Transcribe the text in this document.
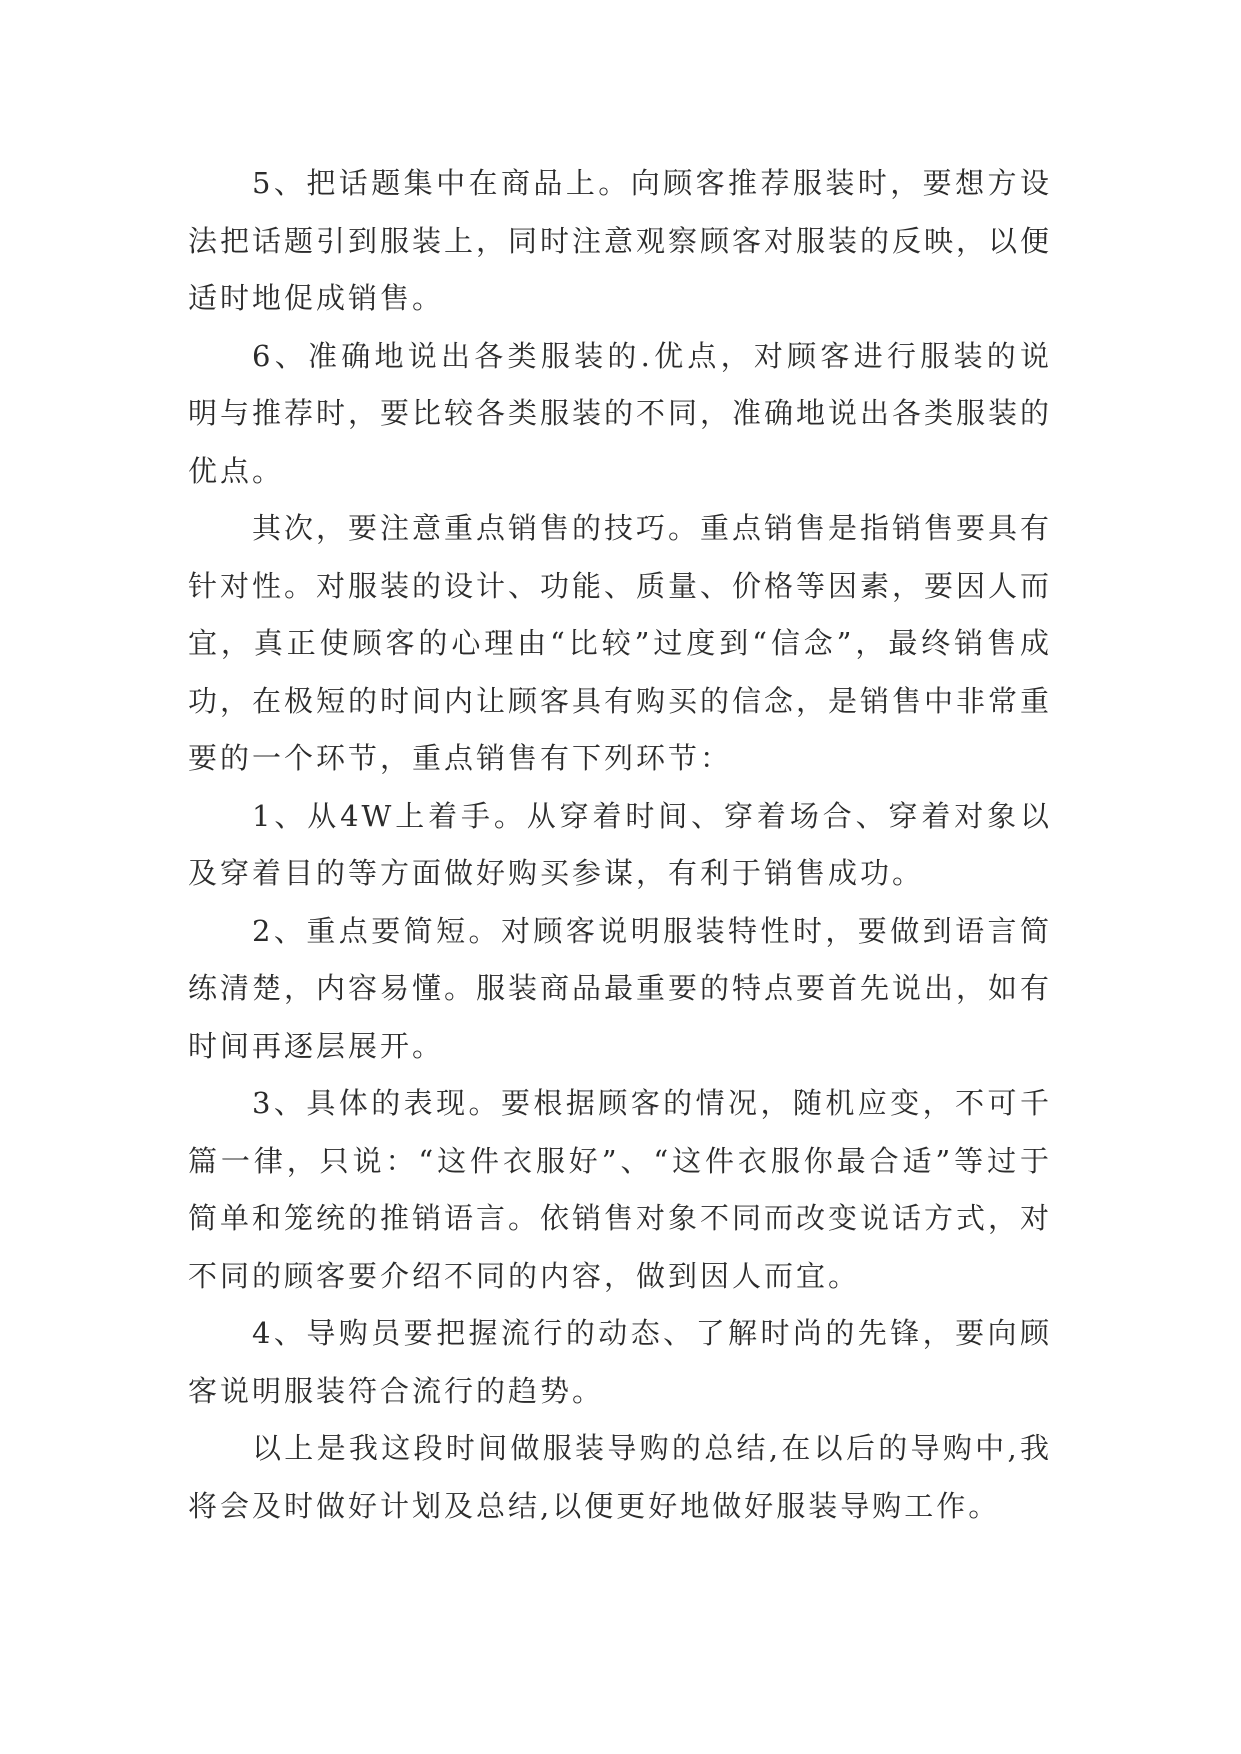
5、把话题集中在商品上。向顾客推荐服装时，要想方设法把话题引到服装上，同时注意观察顾客对服装的反映，以便适时地促成销售。

6、准确地说出各类服装的.优点，对顾客进行服装的说明与推荐时，要比较各类服装的不同，准确地说出各类服装的优点。

其次，要注意重点销售的技巧。重点销售是指销售要具有针对性。对服装的设计、功能、质量、价格等因素，要因人而宜，真正使顾客的心理由“比较”过度到“信念”，最终销售成功，在极短的时间内让顾客具有购买的信念，是销售中非常重要的一个环节，重点销售有下列环节：

1、从4W上着手。从穿着时间、穿着场合、穿着对象以及穿着目的等方面做好购买参谋，有利于销售成功。

2、重点要简短。对顾客说明服装特性时，要做到语言简练清楚，内容易懂。服装商品最重要的特点要首先说出，如有时间再逐层展开。

3、具体的表现。要根据顾客的情况，随机应变，不可千篇一律，只说：“这件衣服好”、“这件衣服你最合适”等过于简单和笼统的推销语言。依销售对象不同而改变说话方式，对不同的顾客要介绍不同的内容，做到因人而宜。

4、导购员要把握流行的动态、了解时尚的先锋，要向顾客说明服装符合流行的趋势。

以上是我这段时间做服装导购的总结,在以后的导购中,我将会及时做好计划及总结,以便更好地做好服装导购工作。
